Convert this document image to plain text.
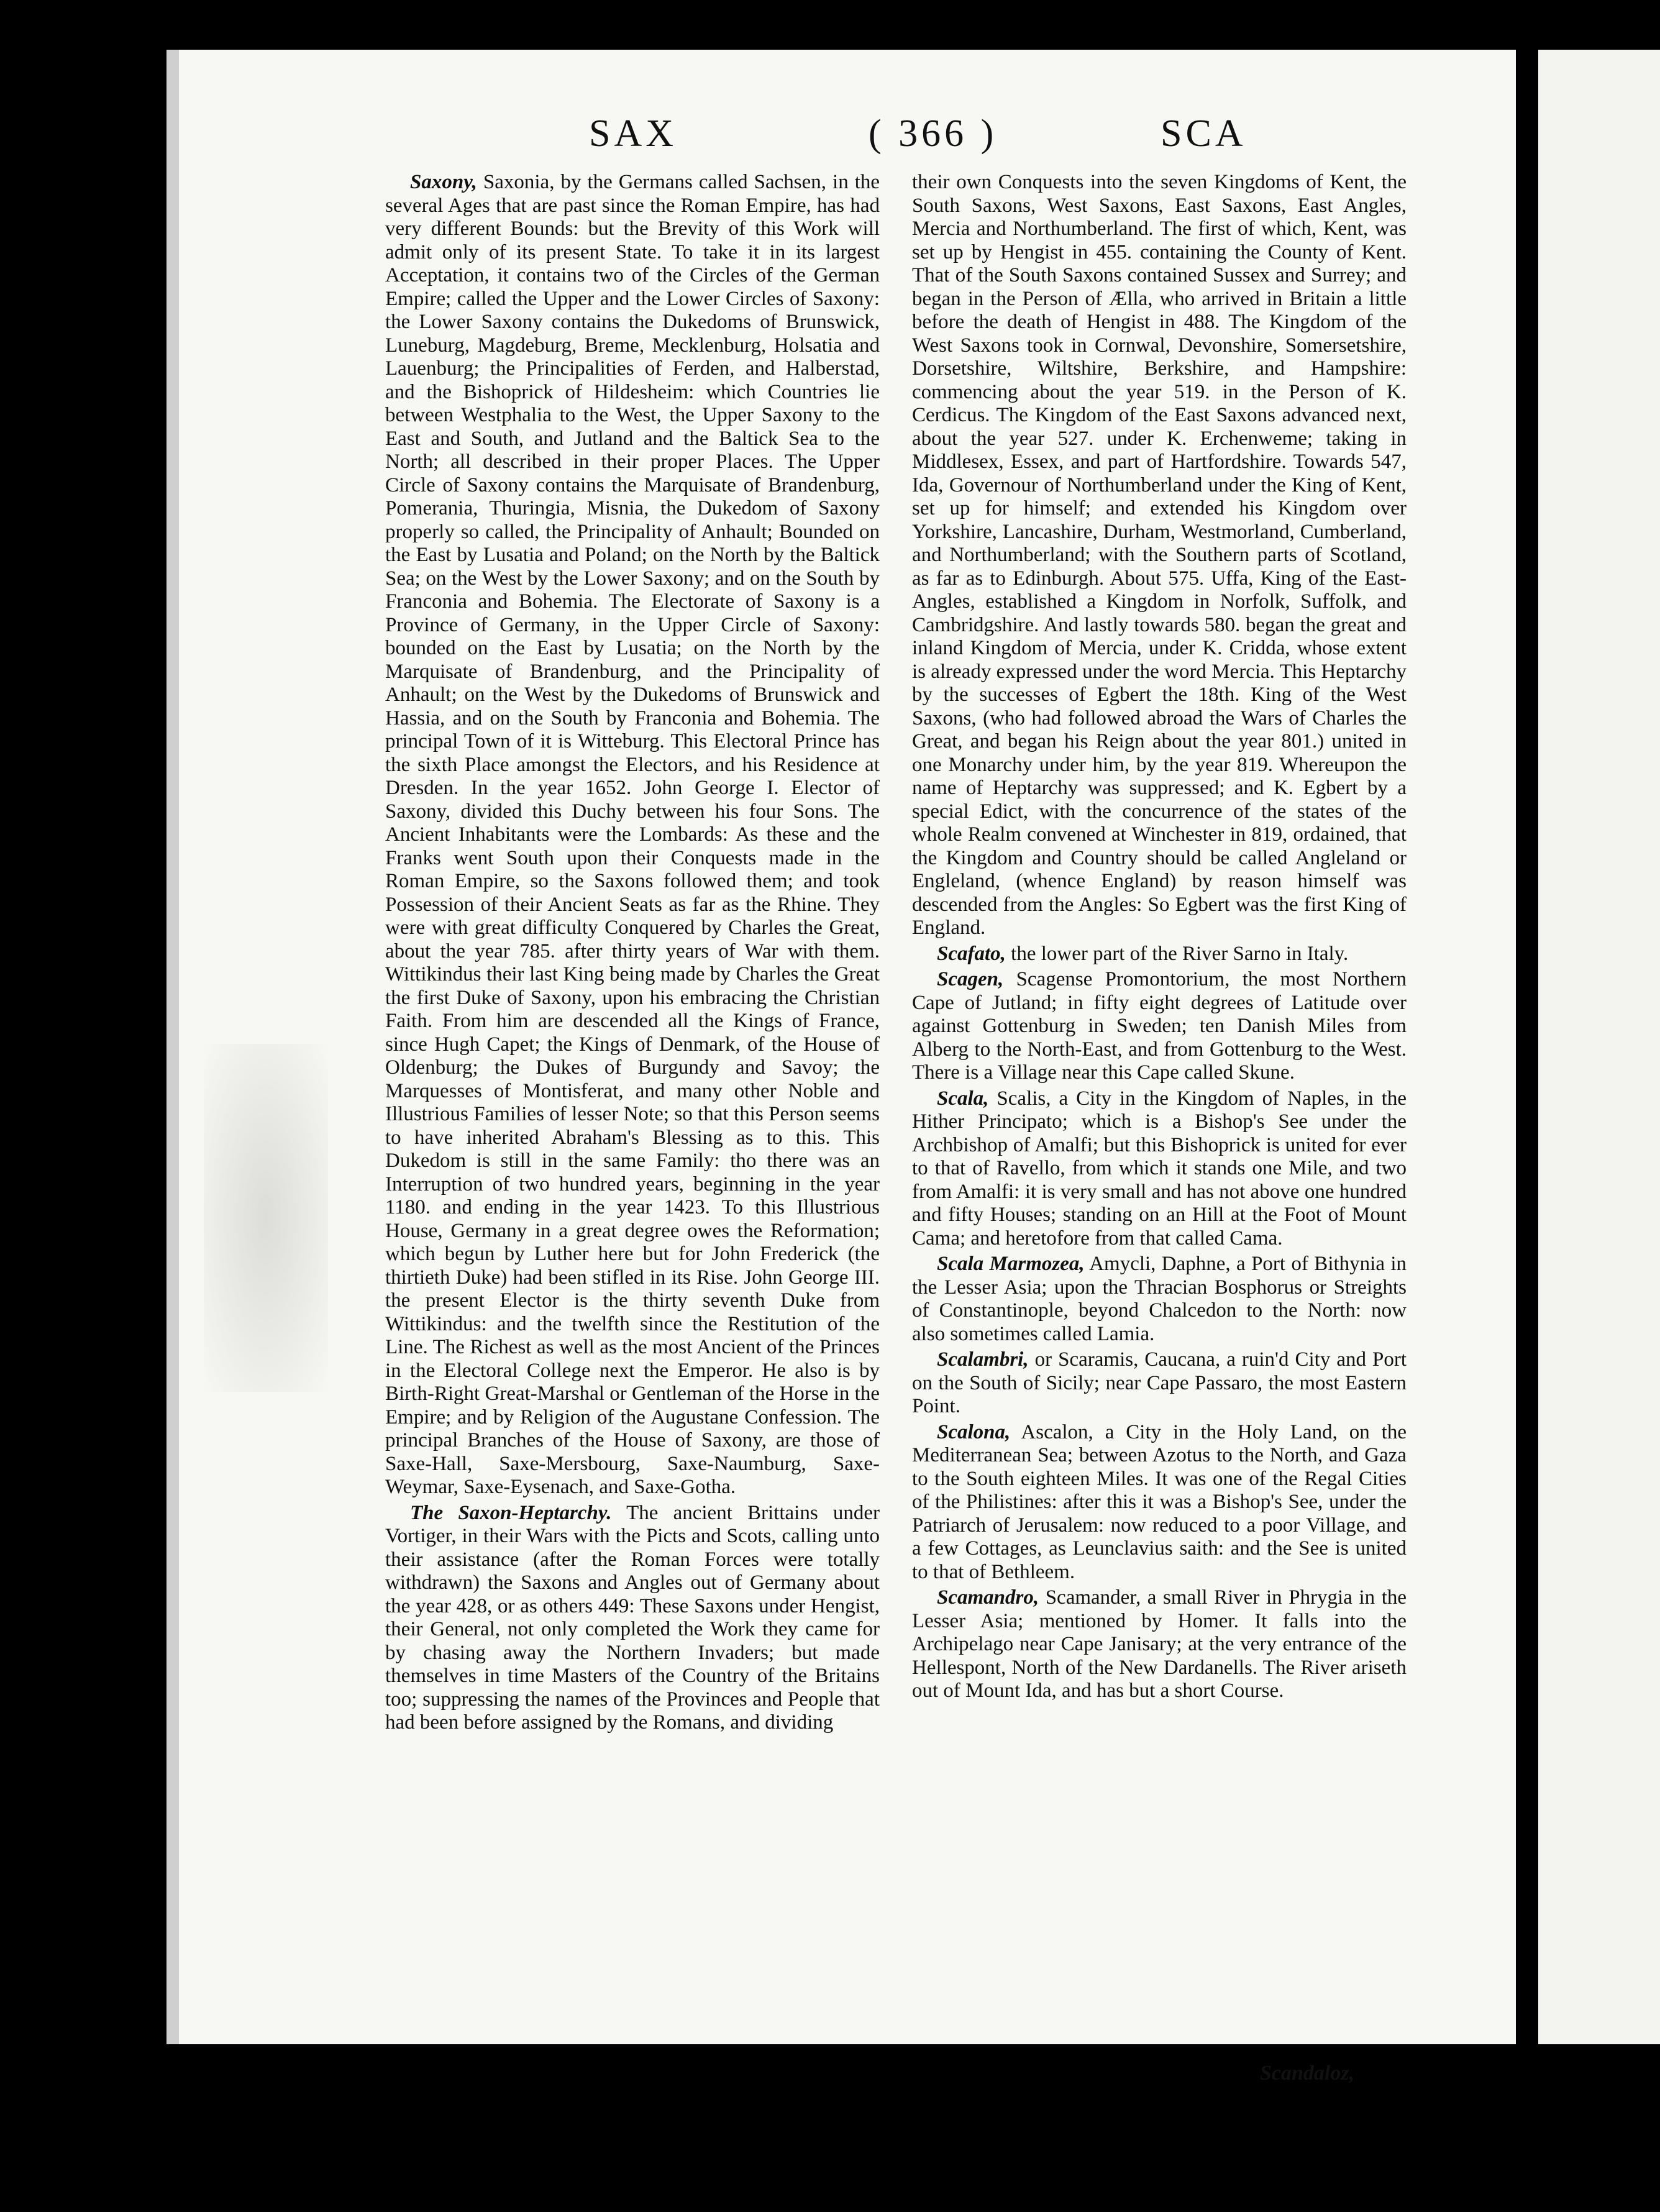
SAX	( 366 )	SCA

Saxony, Saxonia, by the Germans called Sachsen, in the several Ages that are past since the Roman Empire, has had very different Bounds: but the Brevity of this Work will admit only of its present State. To take it in its largest Acceptation, it contains two of the Circles of the German Empire; called the Upper and the Lower Circles of Saxony: the Lower Saxony contains the Dukedoms of Brunswick, Luneburg, Magdeburg, Breme, Mecklenburg, Holsatia and Lauenburg; the Principalities of Ferden, and Halberstad, and the Bishoprick of Hildesheim: which Countries lie between Westphalia to the West, the Upper Saxony to the East and South, and Jutland and the Baltick Sea to the North; all described in their proper Places. The Upper Circle of Saxony contains the Marquisate of Brandenburg, Pomerania, Thuringia, Misnia, the Dukedom of Saxony properly so called, the Principality of Anhault; Bounded on the East by Lusatia and Poland; on the North by the Baltick Sea; on the West by the Lower Saxony; and on the South by Franconia and Bohemia. The Electorate of Saxony is a Province of Germany, in the Upper Circle of Saxony: bounded on the East by Lusatia; on the North by the Marquisate of Brandenburg, and the Principality of Anhault; on the West by the Dukedoms of Brunswick and Hassia, and on the South by Franconia and Bohemia. The principal Town of it is Witteburg. This Electoral Prince has the sixth Place amongst the Electors, and his Residence at Dresden. In the year 1652. John George I. Elector of Saxony, divided this Duchy between his four Sons. The Ancient Inhabitants were the Lombards: As these and the Franks went South upon their Conquests made in the Roman Empire, so the Saxons followed them; and took Possession of their Ancient Seats as far as the Rhine. They were with great difficulty Conquered by Charles the Great, about the year 785. after thirty years of War with them. Wittikindus their last King being made by Charles the Great the first Duke of Saxony, upon his embracing the Christian Faith. From him are descended all the Kings of France, since Hugh Capet; the Kings of Denmark, of the House of Oldenburg; the Dukes of Burgundy and Savoy; the Marquesses of Montisferat, and many other Noble and Illustrious Families of lesser Note; so that this Person seems to have inherited Abraham's Blessing as to this. This Dukedom is still in the same Family: tho there was an Interruption of two hundred years, beginning in the year 1180. and ending in the year 1423. To this Illustrious House, Germany in a great degree owes the Reformation; which begun by Luther here but for John Frederick (the thirtieth Duke) had been stifled in its Rise. John George III. the present Elector is the thirty seventh Duke from Wittikindus: and the twelfth since the Restitution of the Line. The Richest as well as the most Ancient of the Princes in the Electoral College next the Emperor. He also is by Birth-Right Great-Marshal or Gentleman of the Horse in the Empire; and by Religion of the Augustane Confession. The principal Branches of the House of Saxony, are those of Saxe-Hall, Saxe-Mersbourg, Saxe-Naumburg, Saxe-Weymar, Saxe-Eysenach, and Saxe-Gotha.

The Saxon-Heptarchy. The ancient Brittains under Vortiger, in their Wars with the Picts and Scots, calling unto their assistance (after the Roman Forces were totally withdrawn) the Saxons and Angles out of Germany about the year 428, or as others 449: These Saxons under Hengist, their General, not only completed the Work they came for by chasing away the Northern Invaders; but made themselves in time Masters of the Country of the Britains too; suppressing the names of the Provinces and People that had been before assigned by the Romans, and dividing

their own Conquests into the seven Kingdoms of Kent, the South Saxons, West Saxons, East Saxons, East Angles, Mercia and Northumberland. The first of which, Kent, was set up by Hengist in 455. containing the County of Kent. That of the South Saxons contained Sussex and Surrey; and began in the Person of Ælla, who arrived in Britain a little before the death of Hengist in 488. The Kingdom of the West Saxons took in Cornwal, Devonshire, Somersetshire, Dorsetshire, Wiltshire, Berkshire, and Hampshire: commencing about the year 519. in the Person of K. Cerdicus. The Kingdom of the East Saxons advanced next, about the year 527. under K. Erchenweme; taking in Middlesex, Essex, and part of Hartfordshire. Towards 547, Ida, Governour of Northumberland under the King of Kent, set up for himself; and extended his Kingdom over Yorkshire, Lancashire, Durham, Westmorland, Cumberland, and Northumberland; with the Southern parts of Scotland, as far as to Edinburgh. About 575. Uffa, King of the East-Angles, established a Kingdom in Norfolk, Suffolk, and Cambridgshire. And lastly towards 580. began the great and inland Kingdom of Mercia, under K. Cridda, whose extent is already expressed under the word Mercia. This Heptarchy by the successes of Egbert the 18th. King of the West Saxons, (who had followed abroad the Wars of Charles the Great, and began his Reign about the year 801.) united in one Monarchy under him, by the year 819. Whereupon the name of Heptarchy was suppressed; and K. Egbert by a special Edict, with the concurrence of the states of the whole Realm convened at Winchester in 819, ordained, that the Kingdom and Country should be called Angleland or Engleland, (whence England) by reason himself was descended from the Angles: So Egbert was the first King of England.

Scafato, the lower part of the River Sarno in Italy.

Scagen, Scagense Promontorium, the most Northern Cape of Jutland; in fifty eight degrees of Latitude over against Gottenburg in Sweden; ten Danish Miles from Alberg to the North-East, and from Gottenburg to the West. There is a Village near this Cape called Skune.

Scala, Scalis, a City in the Kingdom of Naples, in the Hither Principato; which is a Bishop's See under the Archbishop of Amalfi; but this Bishoprick is united for ever to that of Ravello, from which it stands one Mile, and two from Amalfi: it is very small and has not above one hundred and fifty Houses; standing on an Hill at the Foot of Mount Cama; and heretofore from that called Cama.

Scala Marmozea, Amycli, Daphne, a Port of Bithynia in the Lesser Asia; upon the Thracian Bosphorus or Streights of Constantinople, beyond Chalcedon to the North: now also sometimes called Lamia.

Scalambri, or Scaramis, Caucana, a ruin'd City and Port on the South of Sicily; near Cape Passaro, the most Eastern Point.

Scalona, Ascalon, a City in the Holy Land, on the Mediterranean Sea; between Azotus to the North, and Gaza to the South eighteen Miles. It was one of the Regal Cities of the Philistines: after this it was a Bishop's See, under the Patriarch of Jerusalem: now reduced to a poor Village, and a few Cottages, as Leunclavius saith: and the See is united to that of Bethleem.

Scamandro, Scamander, a small River in Phrygia in the Lesser Asia; mentioned by Homer. It falls into the Archipelago near Cape Janisary; at the very entrance of the Hellespont, North of the New Dardanells. The River ariseth out of Mount Ida, and has but a short Course.

Scandaloz,
